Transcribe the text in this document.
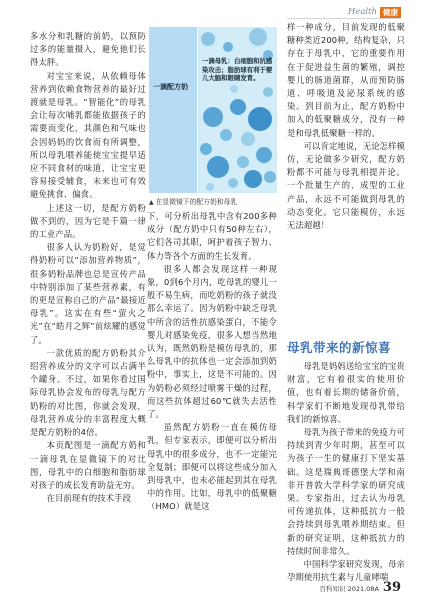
Health 健康

多水分和乳糖的前奶，以预防过多的能量摄入，避免他们长得太胖。

对宝宝来说，从依赖母体营养到依赖食物营养的最好过渡就是母乳。“智能化”的母乳会让每次哺乳都能依据孩子的需要而变化，其颜色和气味也会因妈妈的饮食而有所调整，所以母乳喂养能使宝宝提早适应不同食材的味道，让宝宝更容易接受辅食，未来也可有效避免挑食、偏食。

上述这一切，是配方奶粉做不到的，因为它是千篇一律的工业产品。

很多人认为奶粉好，是觉得奶粉可以“添加营养物质”，很多奶粉品牌也总是宣传产品中特别添加了某些营养素，有的更是宣称自己的产品“最接近母乳”。这实在有些“萤火之光”在“皓月之辉”前炫耀的感觉了。

一款优质的配方奶粉其介绍营养成分的文字可以占满半个罐身。不过，如果你看过国际母乳协会发布的母乳与配方奶粉的对比图，你就会发现，母乳营养成分的丰富程度大概是配方奶粉的4倍。

本页配图是一滴配方奶和一滴母乳在显微镜下的对比图，母乳中的白细胞和脂肪球对孩子的成长发育助益无穷。

在目前现有的技术手段

一滴配方奶
一滴母乳：白细胞和抗感染攻击；脂肪球有利于婴儿大脑和眼睛发育。
▲ 在显微镜下的配方奶和母乳

下，可分析出母乳中含有200多种成分（配方奶中只有50种左右），它们各司其职，呵护着孩子智力、体力等各个方面的生长发育。

很多人都会发现这样一种现象，0到6个月内，吃母乳的婴儿一般不易生病，而吃奶粉的孩子就没那么幸运了。因为奶粉中缺乏母乳中所含的活性抗感染蛋白，不能令婴儿对感染免疫，很多人想当然地认为，既然奶粉是模仿母乳的，那么母乳中的抗体也一定会添加到奶粉中，事实上，这是不可能的。因为奶粉必须经过喷雾干燥的过程，而这些抗体超过60℃就失去活性了。

虽然配方奶粉一直在模仿母乳，但专家表示，即便可以分析出母乳中的很多成分，也不一定能完全复制；即便可以将这些成分加入到母乳中，也未必能起到其在母乳中的作用。比如，母乳中的低聚糖（HMO）就是这

样一种成分，目前发现的低聚糖种类近200种，结构复杂，只存在于母乳中，它的重要作用在于促进益生菌的繁殖，调控婴儿的肠道菌群，从而预防肠道、呼吸道及泌尿系统的感染。到目前为止，配方奶粉中加入的低聚糖成分，没有一种是和母乳低聚糖一样的。

可以肯定地说，无论怎样模仿，无论做多少研究，配方奶粉都不可能与母乳相提并论。一个批量生产的、成型的工业产品，永远不可能做到母乳的动态变化。它只能模仿，永远无法超越！

母乳带来的新惊喜

母乳是妈妈送给宝宝的宝贵财富，它有着很实的使用价值，也有着长期的储备价值，科学家们不断地发现母乳带给我们的新惊喜。

母乳为孩子带来的免疫力可持续到青少年时期，甚至可以为孩子一生的健康打下坚实基础。这是瑞典哥德堡大学和南非开普敦大学科学家的研究成果。专家指出，过去认为母乳可传递抗体，这种抵抗力一般会持续到母乳喂养期结束。但新的研究证明，这种抵抗力的持续时间非常久。

中国科学家研究发现，母亲孕期使用抗生素与儿童哮喘

百科知识 2021.08A 39
